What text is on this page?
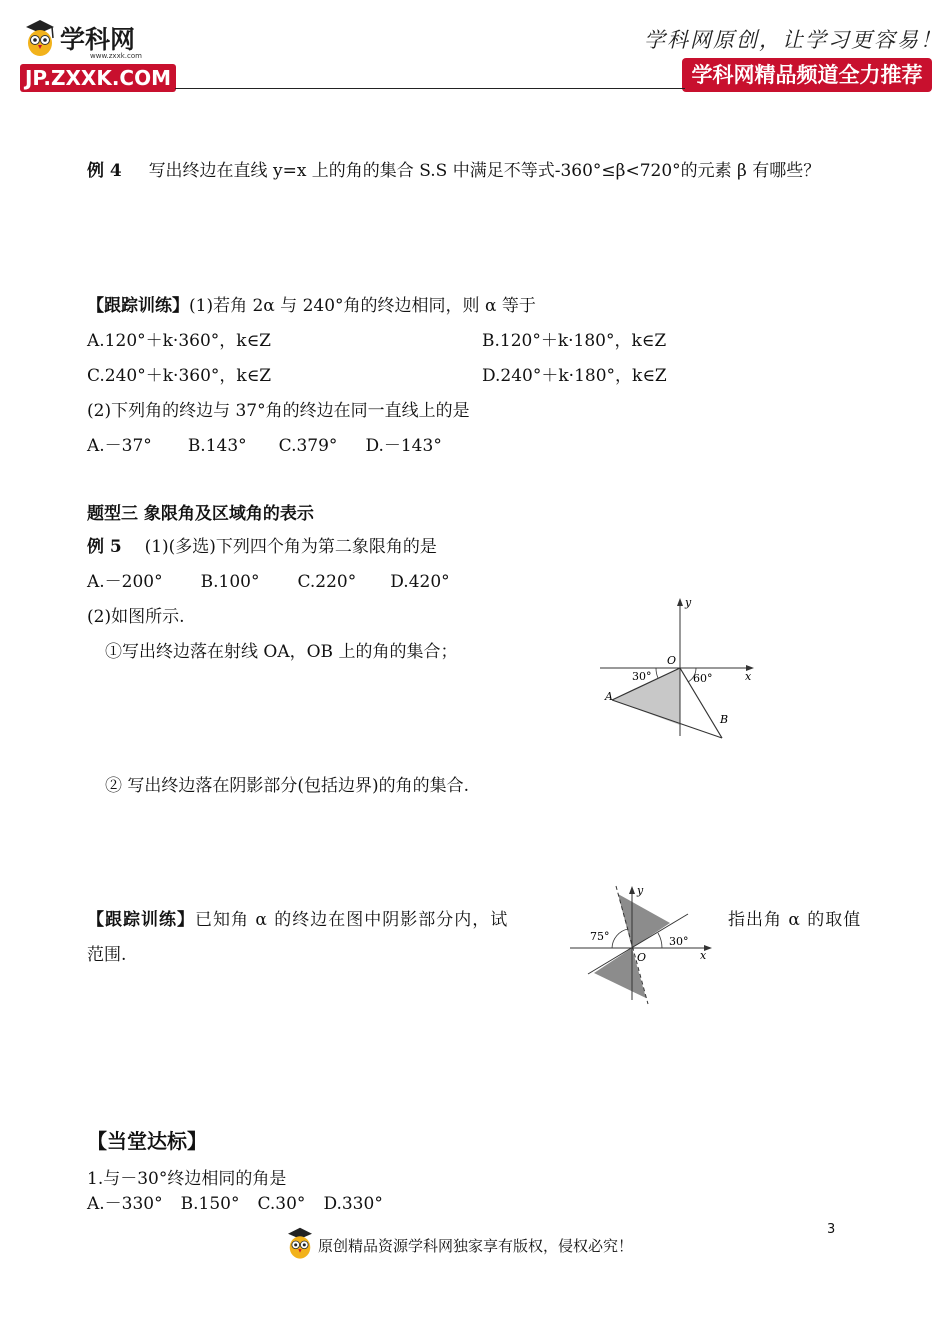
学科网
www.zxxk.com
JP.ZXXK.COM
学科网原创，让学习更容易！
学科网精品频道全力推荐
例 4 写出终边在直线 y=x 上的角的集合 S.S 中满足不等式-360°≤β<720°的元素 β 有哪些？
【跟踪训练】(1)若角 2α 与 240°角的终边相同，则 α 等于
A.120°＋k·360°，k∈Z	B.120°＋k·180°，k∈Z
C.240°＋k·360°，k∈Z	D.240°＋k·180°，k∈Z
(2)下列角的终边与 37°角的终边在同一直线上的是
A.－37° B.143° C.379° D.－143°
题型三 象限角及区域角的表示
例 5 (1)(多选)下列四个角为第二象限角的是
A.－200° B.100° C.220° D.420°
(2)如图所示.
①写出终边落在射线 OA，OB 上的角的集合；
y
x
O
30°	60°
A
B
② 写出终边落在阴影部分(包括边界)的角的集合.
【跟踪训练】已知角 α 的终边在图中阴影部分内，试	指出角 α 的取值
范围.
y
x
O
75°	30°
【当堂达标】
1.与－30°终边相同的角是
A.－330° B.150° C.30° D.330°
3
原创精品资源学科网独家享有版权，侵权必究！
